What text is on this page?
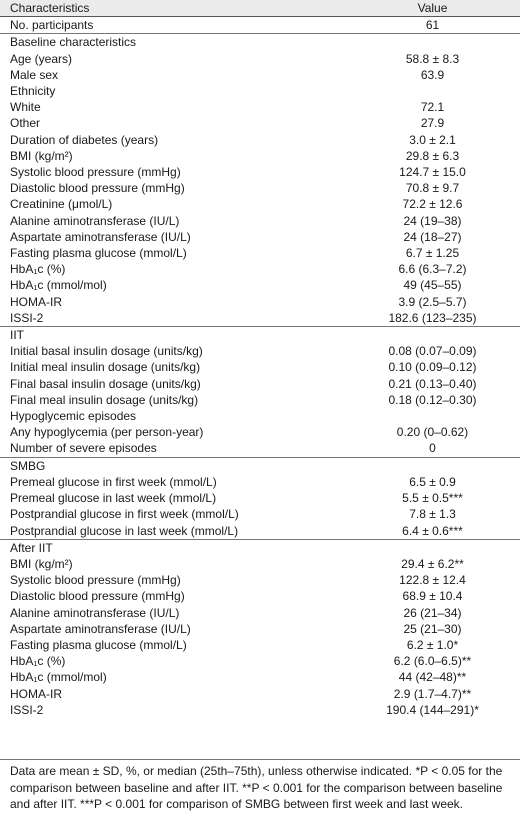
Characteristics	Value
No. participants	61
Baseline characteristics	
Age (years)	58.8 ± 8.3
Male sex	63.9
Ethnicity	
White	72.1
Other	27.9
Duration of diabetes (years)	3.0 ± 2.1
BMI (kg/m²)	29.8 ± 6.3
Systolic blood pressure (mmHg)	124.7 ± 15.0
Diastolic blood pressure (mmHg)	70.8 ± 9.7
Creatinine (μmol/L)	72.2 ± 12.6
Alanine aminotransferase (IU/L)	24 (19–38)
Aspartate aminotransferase (IU/L)	24 (18–27)
Fasting plasma glucose (mmol/L)	6.7 ± 1.25
HbA₁c (%)	6.6 (6.3–7.2)
HbA₁c (mmol/mol)	49 (45–55)
HOMA-IR	3.9 (2.5–5.7)
ISSI-2	182.6 (123–235)
IIT	
Initial basal insulin dosage (units/kg)	0.08 (0.07–0.09)
Initial meal insulin dosage (units/kg)	0.10 (0.09–0.12)
Final basal insulin dosage (units/kg)	0.21 (0.13–0.40)
Final meal insulin dosage (units/kg)	0.18 (0.12–0.30)
Hypoglycemic episodes	
Any hypoglycemia (per person-year)	0.20 (0–0.62)
Number of severe episodes	0
SMBG	
Premeal glucose in first week (mmol/L)	6.5 ± 0.9
Premeal glucose in last week (mmol/L)	5.5 ± 0.5***
Postprandial glucose in first week (mmol/L)	7.8 ± 1.3
Postprandial glucose in last week (mmol/L)	6.4 ± 0.6***
After IIT	
BMI (kg/m²)	29.4 ± 6.2**
Systolic blood pressure (mmHg)	122.8 ± 12.4
Diastolic blood pressure (mmHg)	68.9 ± 10.4
Alanine aminotransferase (IU/L)	26 (21–34)
Aspartate aminotransferase (IU/L)	25 (21–30)
Fasting plasma glucose (mmol/L)	6.2 ± 1.0*
HbA₁c (%)	6.2 (6.0–6.5)**
HbA₁c (mmol/mol)	44 (42–48)**
HOMA-IR	2.9 (1.7–4.7)**
ISSI-2	190.4 (144–291)*
Data are mean ± SD, %, or median (25th–75th), unless otherwise indicated. *P < 0.05 for the comparison between baseline and after IIT. **P < 0.001 for the comparison between baseline and after IIT. ***P < 0.001 for comparison of SMBG between first week and last week.
